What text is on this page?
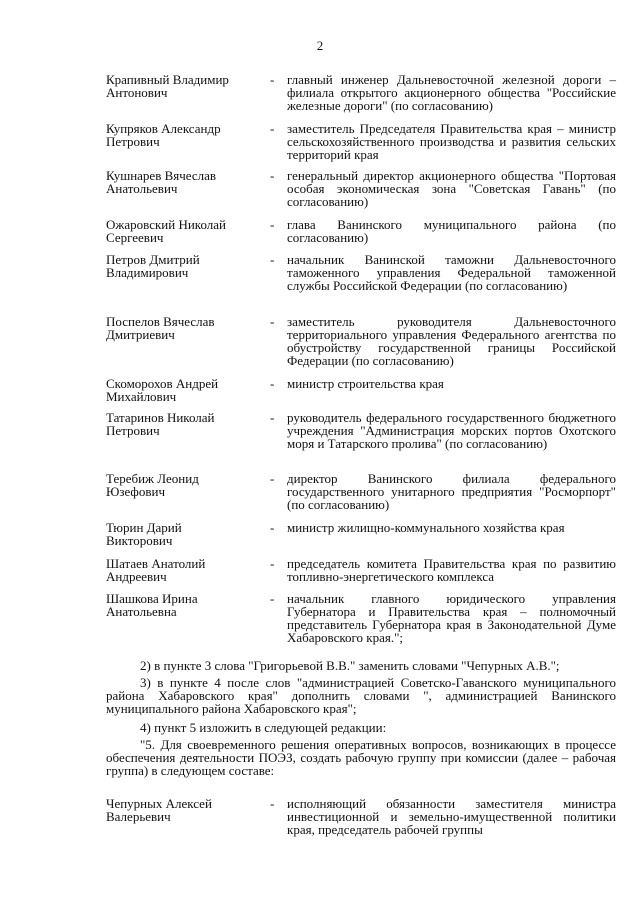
2
Крапивный Владимир
Антонович
- главный инженер Дальневосточной железной дороги – филиала открытого акционерного общества "Российские железные дороги" (по согласованию)
Купряков Александр
Петрович
- заместитель Председателя Правительства края – министр сельскохозяйственного производства и развития сельских территорий края
Кушнарев Вячеслав
Анатольевич
- генеральный директор акционерного общества "Портовая особая экономическая зона "Советская Гавань" (по согласованию)
Ожаровский Николай
Сергеевич
- глава Ванинского муниципального района (по согласованию)
Петров Дмитрий
Владимирович
- начальник Ванинской таможни Дальневосточного таможенного управления Федеральной таможенной службы Российской Федерации (по согласованию)
Поспелов Вячеслав
Дмитриевич
- заместитель руководителя Дальневосточного территориального управления Федерального агентства по обустройству государственной границы Российской Федерации (по согласованию)
Скоморохов Андрей
Михайлович
- министр строительства края
Татаринов Николай
Петрович
- руководитель федерального государственного бюджетного учреждения "Администрация морских портов Охотского моря и Татарского пролива" (по согласованию)
Теребиж Леонид
Юзефович
- директор Ванинского филиала федерального государственного унитарного предприятия "Росморпорт" (по согласованию)
Тюрин Дарий
Викторович
- министр жилищно-коммунального хозяйства края
Шатаев Анатолий
Андреевич
- председатель комитета Правительства края по развитию топливно-энергетического комплекса
Шашкова Ирина
Анатольевна
- начальник главного юридического управления Губернатора и Правительства края – полномочный представитель Губернатора края в Законодательной Думе Хабаровского края.";
2) в пункте 3 слова "Григорьевой В.В." заменить словами "Чепурных А.В.";
3) в пункте 4 после слов "администрацией Советско-Гаванского муниципального района Хабаровского края" дополнить словами ", администрацией Ванинского муниципального района Хабаровского края";
4) пункт 5 изложить в следующей редакции:
"5. Для своевременного решения оперативных вопросов, возникающих в процессе обеспечения деятельности ПОЭЗ, создать рабочую группу при комиссии (далее – рабочая группа) в следующем составе:
Чепурных Алексей
Валерьевич
- исполняющий обязанности заместителя министра инвестиционной и земельно-имущественной политики края, председатель рабочей группы
